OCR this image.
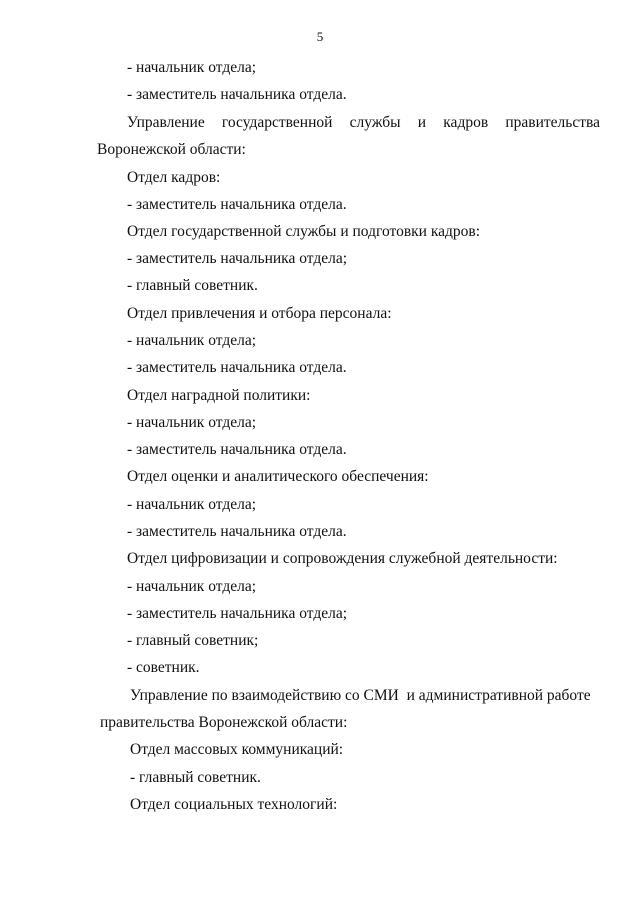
5
- начальник отдела;
- заместитель начальника отдела.
Управление государственной службы и кадров правительства
Воронежской области:
Отдел кадров:
- заместитель начальника отдела.
Отдел государственной службы и подготовки кадров:
- заместитель начальника отдела;
- главный советник.
Отдел привлечения и отбора персонала:
- начальник отдела;
- заместитель начальника отдела.
Отдел наградной политики:
- начальник отдела;
- заместитель начальника отдела.
Отдел оценки и аналитического обеспечения:
- начальник отдела;
- заместитель начальника отдела.
Отдел цифровизации и сопровождения служебной деятельности:
- начальник отдела;
- заместитель начальника отдела;
- главный советник;
- советник.
Управление по взаимодействию со СМИ  и административной работе
правительства Воронежской области:
Отдел массовых коммуникаций:
- главный советник.
Отдел социальных технологий:
